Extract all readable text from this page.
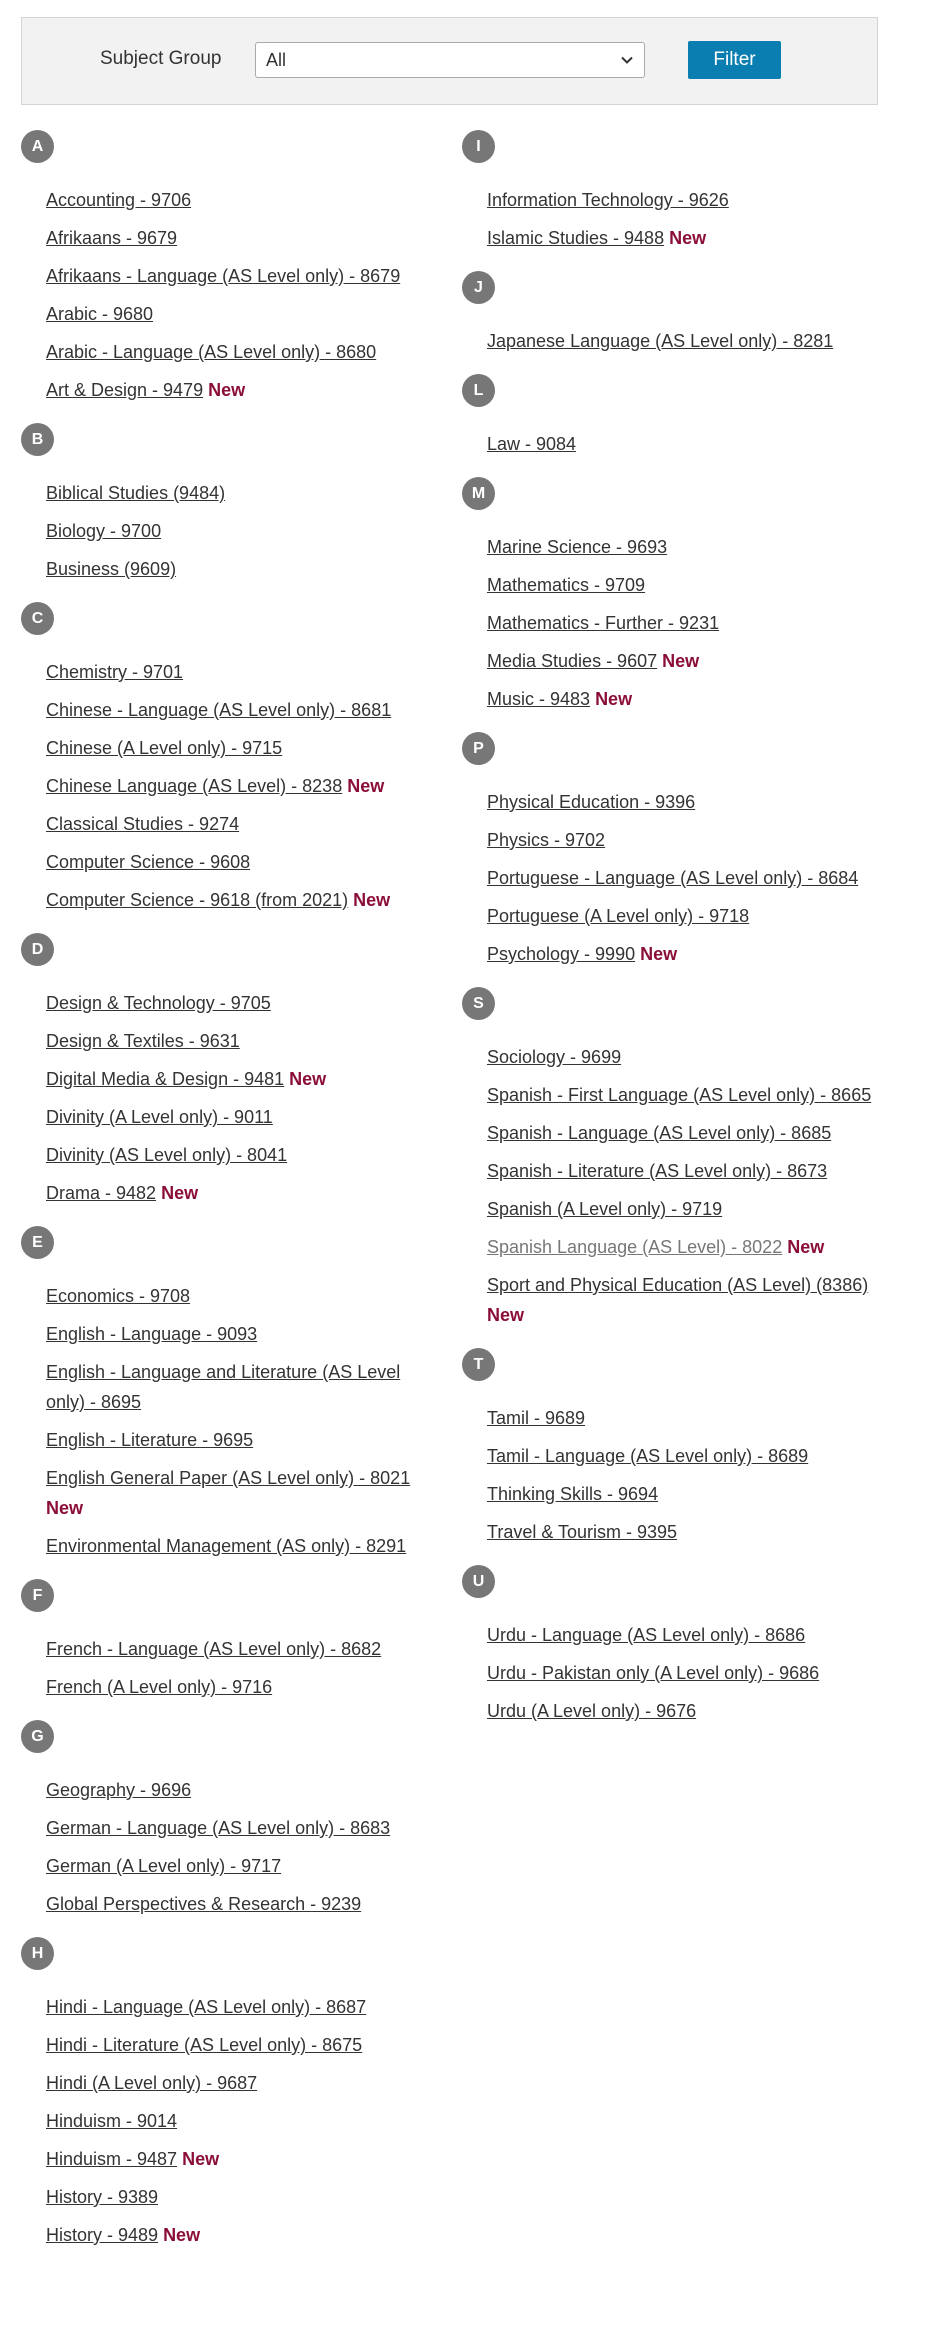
Subject Group All	Filter
A
Accounting - 9706
Afrikaans - 9679
Afrikaans - Language (AS Level only) - 8679
Arabic - 9680
Arabic - Language (AS Level only) - 8680
Art & Design - 9479 New
B
Biblical Studies (9484)
Biology - 9700
Business (9609)
C
Chemistry - 9701
Chinese - Language (AS Level only) - 8681
Chinese (A Level only) - 9715
Chinese Language (AS Level) - 8238 New
Classical Studies - 9274
Computer Science - 9608
Computer Science - 9618 (from 2021) New
D
Design & Technology - 9705
Design & Textiles - 9631
Digital Media & Design - 9481 New
Divinity (A Level only) - 9011
Divinity (AS Level only) - 8041
Drama - 9482 New
E
Economics - 9708
English - Language - 9093
English - Language and Literature (AS Level only) - 8695
English - Literature - 9695
English General Paper (AS Level only) - 8021 New
Environmental Management (AS only) - 8291
F
French - Language (AS Level only) - 8682
French (A Level only) - 9716
G
Geography - 9696
German - Language (AS Level only) - 8683
German (A Level only) - 9717
Global Perspectives & Research - 9239
H
Hindi - Language (AS Level only) - 8687
Hindi - Literature (AS Level only) - 8675
Hindi (A Level only) - 9687
Hinduism - 9014
Hinduism - 9487 New
History - 9389
History - 9489 New
I
Information Technology - 9626
Islamic Studies - 9488 New
J
Japanese Language (AS Level only) - 8281
L
Law - 9084
M
Marine Science - 9693
Mathematics - 9709
Mathematics - Further - 9231
Media Studies - 9607 New
Music - 9483 New
P
Physical Education - 9396
Physics - 9702
Portuguese - Language (AS Level only) - 8684
Portuguese (A Level only) - 9718
Psychology - 9990 New
S
Sociology - 9699
Spanish - First Language (AS Level only) - 8665
Spanish - Language (AS Level only) - 8685
Spanish - Literature (AS Level only) - 8673
Spanish (A Level only) - 9719
Spanish Language (AS Level) - 8022 New
Sport and Physical Education (AS Level) (8386) New
T
Tamil - 9689
Tamil - Language (AS Level only) - 8689
Thinking Skills - 9694
Travel & Tourism - 9395
U
Urdu - Language (AS Level only) - 8686
Urdu - Pakistan only (A Level only) - 9686
Urdu (A Level only) - 9676
